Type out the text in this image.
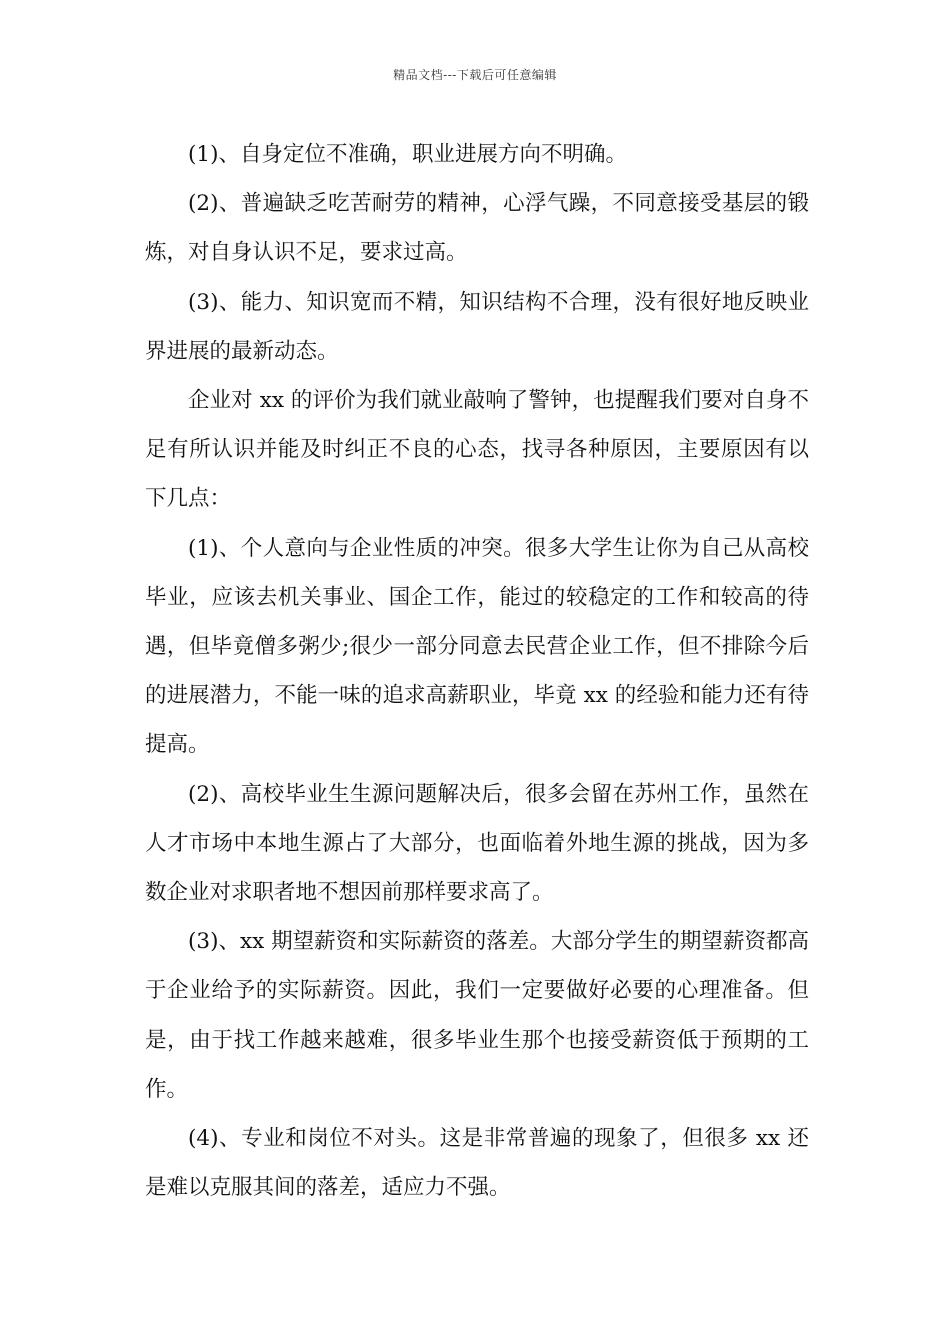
精品文档---下载后可任意编辑

(1)、自身定位不准确，职业进展方向不明确。

(2)、普遍缺乏吃苦耐劳的精神，心浮气躁，不同意接受基层的锻炼，对自身认识不足，要求过高。

(3)、能力、知识宽而不精，知识结构不合理，没有很好地反映业界进展的最新动态。

企业对 xx 的评价为我们就业敲响了警钟，也提醒我们要对自身不足有所认识并能及时纠正不良的心态，找寻各种原因，主要原因有以下几点：

(1)、个人意向与企业性质的冲突。很多大学生让你为自己从高校毕业，应该去机关事业、国企工作，能过的较稳定的工作和较高的待遇，但毕竟僧多粥少;很少一部分同意去民营企业工作，但不排除今后的进展潜力，不能一味的追求高薪职业，毕竟 xx 的经验和能力还有待提高。

(2)、高校毕业生生源问题解决后，很多会留在苏州工作，虽然在人才市场中本地生源占了大部分，也面临着外地生源的挑战，因为多数企业对求职者地不想因前那样要求高了。

(3)、xx 期望薪资和实际薪资的落差。大部分学生的期望薪资都高于企业给予的实际薪资。因此，我们一定要做好必要的心理准备。但是，由于找工作越来越难，很多毕业生那个也接受薪资低于预期的工作。

(4)、专业和岗位不对头。这是非常普遍的现象了，但很多 xx 还是难以克服其间的落差，适应力不强。
